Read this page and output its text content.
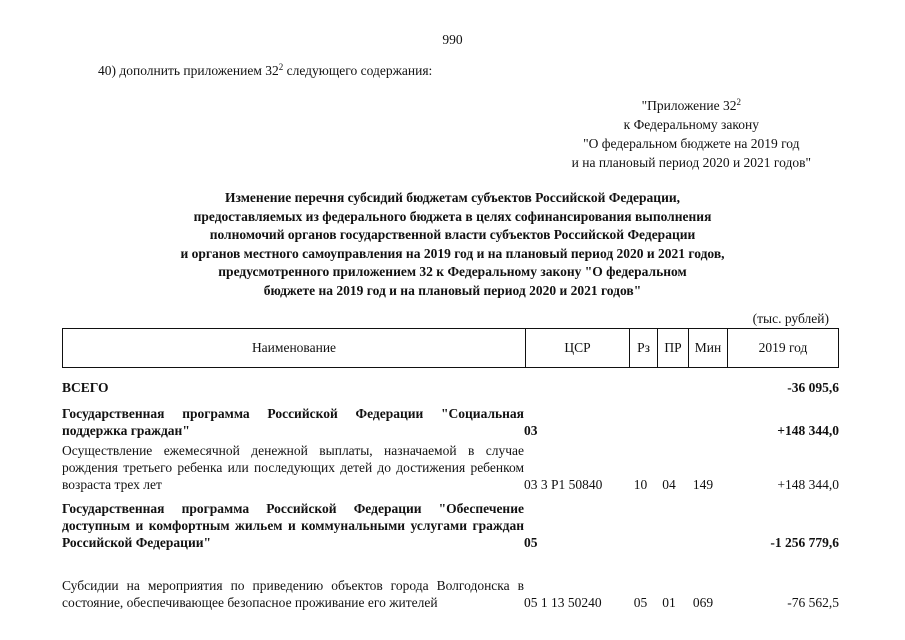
990
40) дополнить приложением $32^2$ следующего содержания:
"Приложение $32^2$
к Федеральному закону
"О федеральном бюджете на 2019 год
и на плановый период 2020 и 2021 годов"
Изменение перечня субсидий бюджетам субъектов Российской Федерации,
предоставляемых из федерального бюджета в целях софинансирования выполнения
полномочий органов государственной власти субъектов Российской Федерации
и органов местного самоуправления на 2019 год и на плановый период 2020 и 2021 годов,
предусмотренного приложением 32 к Федеральному закону "О федеральном
бюджете на 2019 год и на плановый период 2020 и 2021 годов"
(тыс. рублей)
Наименование	ЦСР	Рз	ПР	Мин	2019 год
ВСЕГО					-36 095,6
Государственная программа Российской Федерации "Социальная поддержка граждан"	03				+148 344,0
Осуществление ежемесячной денежной выплаты, назначаемой в случае рождения третьего ребенка или последующих детей до достижения ребенком возраста трех лет	03 3 P1 50840	10	04	149	+148 344,0
Государственная программа Российской Федерации "Обеспечение доступным и комфортным жильем и коммунальными услугами граждан Российской Федерации"	05				-1 256 779,6
Субсидии на мероприятия по приведению объектов города Волгодонска в состояние, обеспечивающее безопасное проживание его жителей	05 1 13 50240	05	01	069	-76 562,5
